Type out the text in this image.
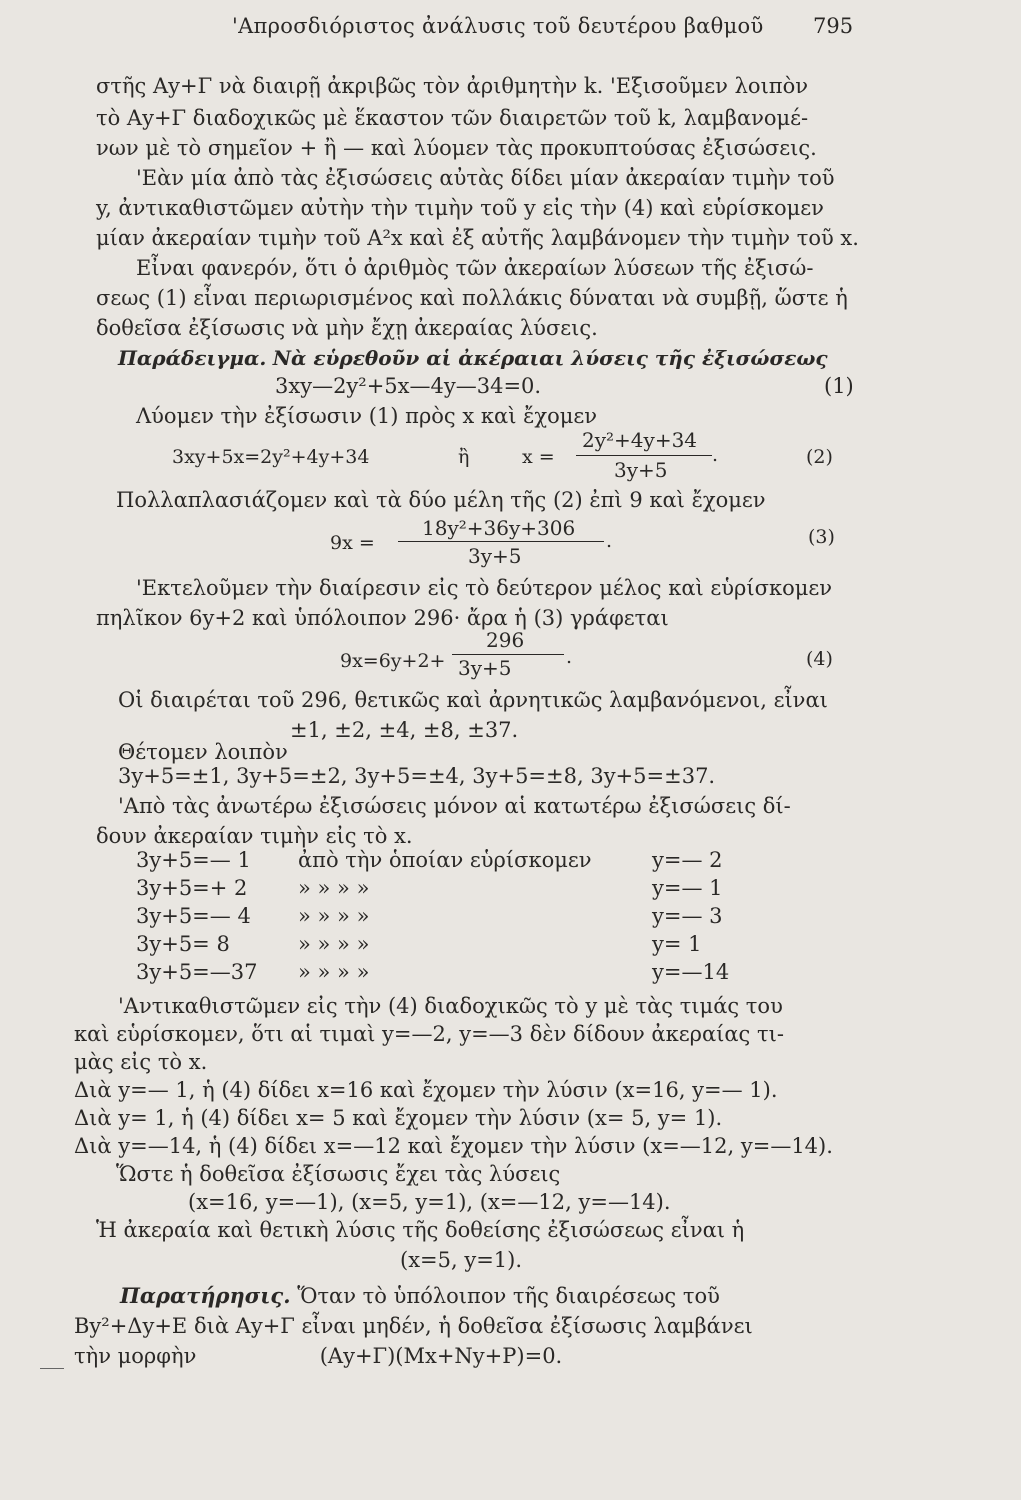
'Απροσδιόριστος ἀνάλυσις τοῦ δευτέρου βαθμοῦ 795
στῆς Αy+Γ νὰ διαιρῇ ἀκριβῶς τὸν ἀριθμητὴν k. 'Εξισοῦμεν λοιπὸν
τὸ Αy+Γ διαδοχικῶς μὲ ἕκαστον τῶν διαιρετῶν τοῦ k, λαμβανομέ-
νων μὲ τὸ σημεῖον + ἢ — καὶ λύομεν τὰς προκυπτούσας ἐξισώσεις.
'Εὰν μία ἀπὸ τὰς ἐξισώσεις αὐτὰς δίδει μίαν ἀκεραίαν τιμὴν τοῦ
y, ἀντικαθιστῶμεν αὐτὴν τὴν τιμὴν τοῦ y εἰς τὴν (4) καὶ εὑρίσκομεν
μίαν ἀκεραίαν τιμὴν τοῦ Α²x καὶ ἐξ αὐτῆς λαμβάνομεν τὴν τιμὴν τοῦ x.
Εἶναι φανερόν, ὅτι ὁ ἀριθμὸς τῶν ἀκεραίων λύσεων τῆς ἐξισώ-
σεως (1) εἶναι περιωρισμένος καὶ πολλάκις δύναται νὰ συμβῇ, ὥστε ἡ
δοθεῖσα ἐξίσωσις νὰ μὴν ἔχῃ ἀκεραίας λύσεις.
Παράδειγμα. Νὰ εὑρεθοῦν αἱ ἀκέραιαι λύσεις τῆς ἐξισώσεως
3xy—2y²+5x—4y—34=0.	(1)
Λύομεν τὴν ἐξίσωσιν (1) πρὸς x καὶ ἔχομεν
3xy+5x=2y²+4y+34	ἢ	x =
2y²+4y+34
3y+5
.	(2)
Πολλαπλασιάζομεν καὶ τὰ δύο μέλη τῆς (2) ἐπὶ 9 καὶ ἔχομεν
9x =
18y²+36y+306
3y+5
.	(3)
'Εκτελοῦμεν τὴν διαίρεσιν εἰς τὸ δεύτερον μέλος καὶ εὑρίσκομεν
πηλῖκον 6y+2 καὶ ὑπόλοιπον 296· ἄρα ἡ (3) γράφεται
9x=6y+2+
296
3y+5	.	(4)
Οἱ διαιρέται τοῦ 296, θετικῶς καὶ ἀρνητικῶς λαμβανόμενοι, εἶναι
±1, ±2, ±4, ±8, ±37.
Θέτομεν λοιπὸν
3y+5=±1, 3y+5=±2, 3y+5=±4, 3y+5=±8, 3y+5=±37.
'Απὸ τὰς ἀνωτέρω ἐξισώσεις μόνον αἱ κατωτέρω ἐξισώσεις δί-
δουν ἀκεραίαν τιμὴν εἰς τὸ x.
3y+5=— 1 ἀπὸ τὴν ὁποίαν εὑρίσκομεν	y=— 2
3y+5=+ 2 » » » »	y=— 1
3y+5=— 4 » » » »	y=— 3
3y+5= 8	» » » »	y= 1
3y+5=—37 » » » »	y=—14
'Αντικαθιστῶμεν εἰς τὴν (4) διαδοχικῶς τὸ y μὲ τὰς τιμάς του
καὶ εὑρίσκομεν, ὅτι αἱ τιμαὶ y=—2, y=—3 δὲν δίδουν ἀκεραίας τι-
μὰς εἰς τὸ x.
Διὰ y=— 1, ἡ (4) δίδει x=16 καὶ ἔχομεν τὴν λύσιν (x=16, y=— 1).
Διὰ y= 1, ἡ (4) δίδει x= 5 καὶ ἔχομεν τὴν λύσιν (x= 5, y= 1).
Διὰ y=—14, ἡ (4) δίδει x=—12 καὶ ἔχομεν τὴν λύσιν (x=—12, y=—14).
Ὥστε ἡ δοθεῖσα ἐξίσωσις ἔχει τὰς λύσεις
(x=16, y=—1), (x=5, y=1), (x=—12, y=—14).
Ἡ ἀκεραία καὶ θετικὴ λύσις τῆς δοθείσης ἐξισώσεως εἶναι ἡ
(x=5, y=1).
Παρατήρησις. Ὅταν τὸ ὑπόλοιπον τῆς διαιρέσεως τοῦ
Βy²+Δy+Ε διὰ Αy+Γ εἶναι μηδέν, ἡ δοθεῖσα ἐξίσωσις λαμβάνει
τὴν μορφὴν	(Αy+Γ)(Mx+Ny+P)=0.
